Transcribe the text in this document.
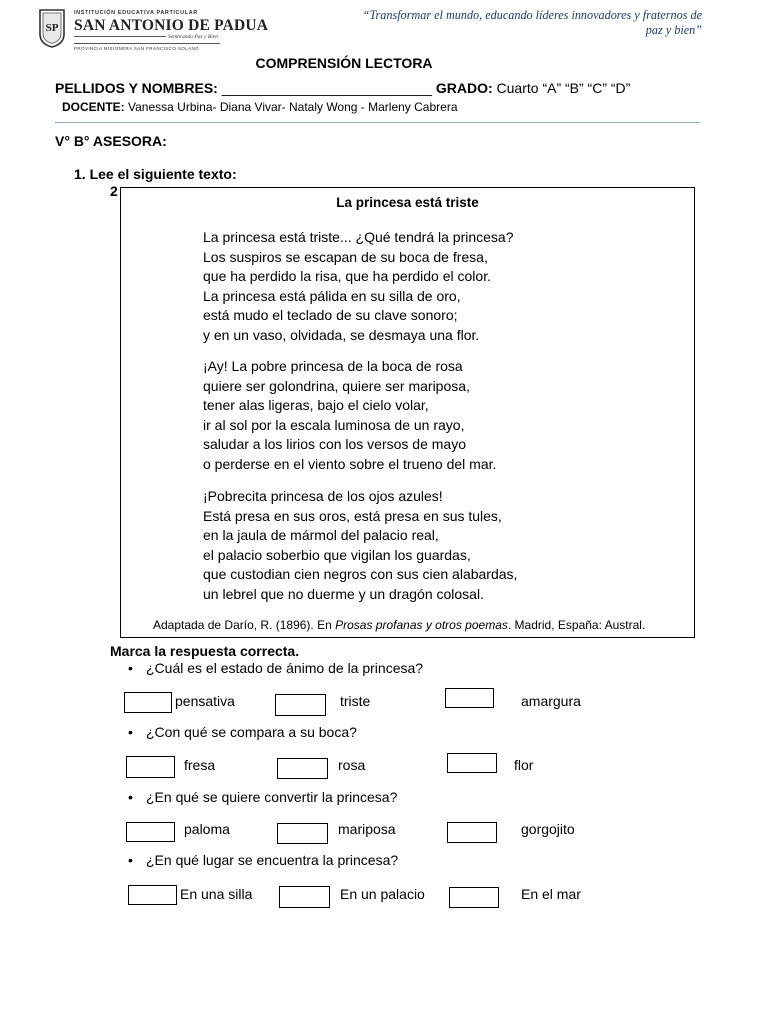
SP
INSTITUCIÓN EDUCATIVA PARTICULAR
SAN ANTONIO DE PADUA
Sembrando Paz y Bien
PROVINCIA MISIONERA SAN FRANCISCO SOLANO
“Transformar el mundo, educando líderes innovadores y fraternos de
paz y bien”
COMPRENSIÓN LECTORA
PELLIDOS Y NOMBRES: ___________________________ GRADO: Cuarto “A” “B” “C” “D”
DOCENTE: Vanessa Urbina- Diana Vivar- Nataly Wong - Marleny Cabrera
V° B° ASESORA:
1. Lee el siguiente texto:
2
La princesa está triste
La princesa está triste... ¿Qué tendrá la princesa?
Los suspiros se escapan de su boca de fresa,
que ha perdido la risa, que ha perdido el color.
La princesa está pálida en su silla de oro,
está mudo el teclado de su clave sonoro;
y en un vaso, olvidada, se desmaya una flor.
¡Ay! La pobre princesa de la boca de rosa
quiere ser golondrina, quiere ser mariposa,
tener alas ligeras, bajo el cielo volar,
ir al sol por la escala luminosa de un rayo,
saludar a los lirios con los versos de mayo
o perderse en el viento sobre el trueno del mar.
¡Pobrecita princesa de los ojos azules!
Está presa en sus oros, está presa en sus tules,
en la jaula de mármol del palacio real,
el palacio soberbio que vigilan los guardas,
que custodian cien negros con sus cien alabardas,
un lebrel que no duerme y un dragón colosal.
Adaptada de Darío, R. (1896). En Prosas profanas y otros poemas. Madrid, España: Austral.
Marca la respuesta correcta.
• ¿Cuál es el estado de ánimo de la princesa?
• ¿Con qué se compara a su boca?
• ¿En qué se quiere convertir la princesa?
• ¿En qué lugar se encuentra la princesa?
pensativa	triste	amargura
fresa	rosa	flor
paloma	mariposa	gorgojito
En una silla	En un palacio	En el mar
